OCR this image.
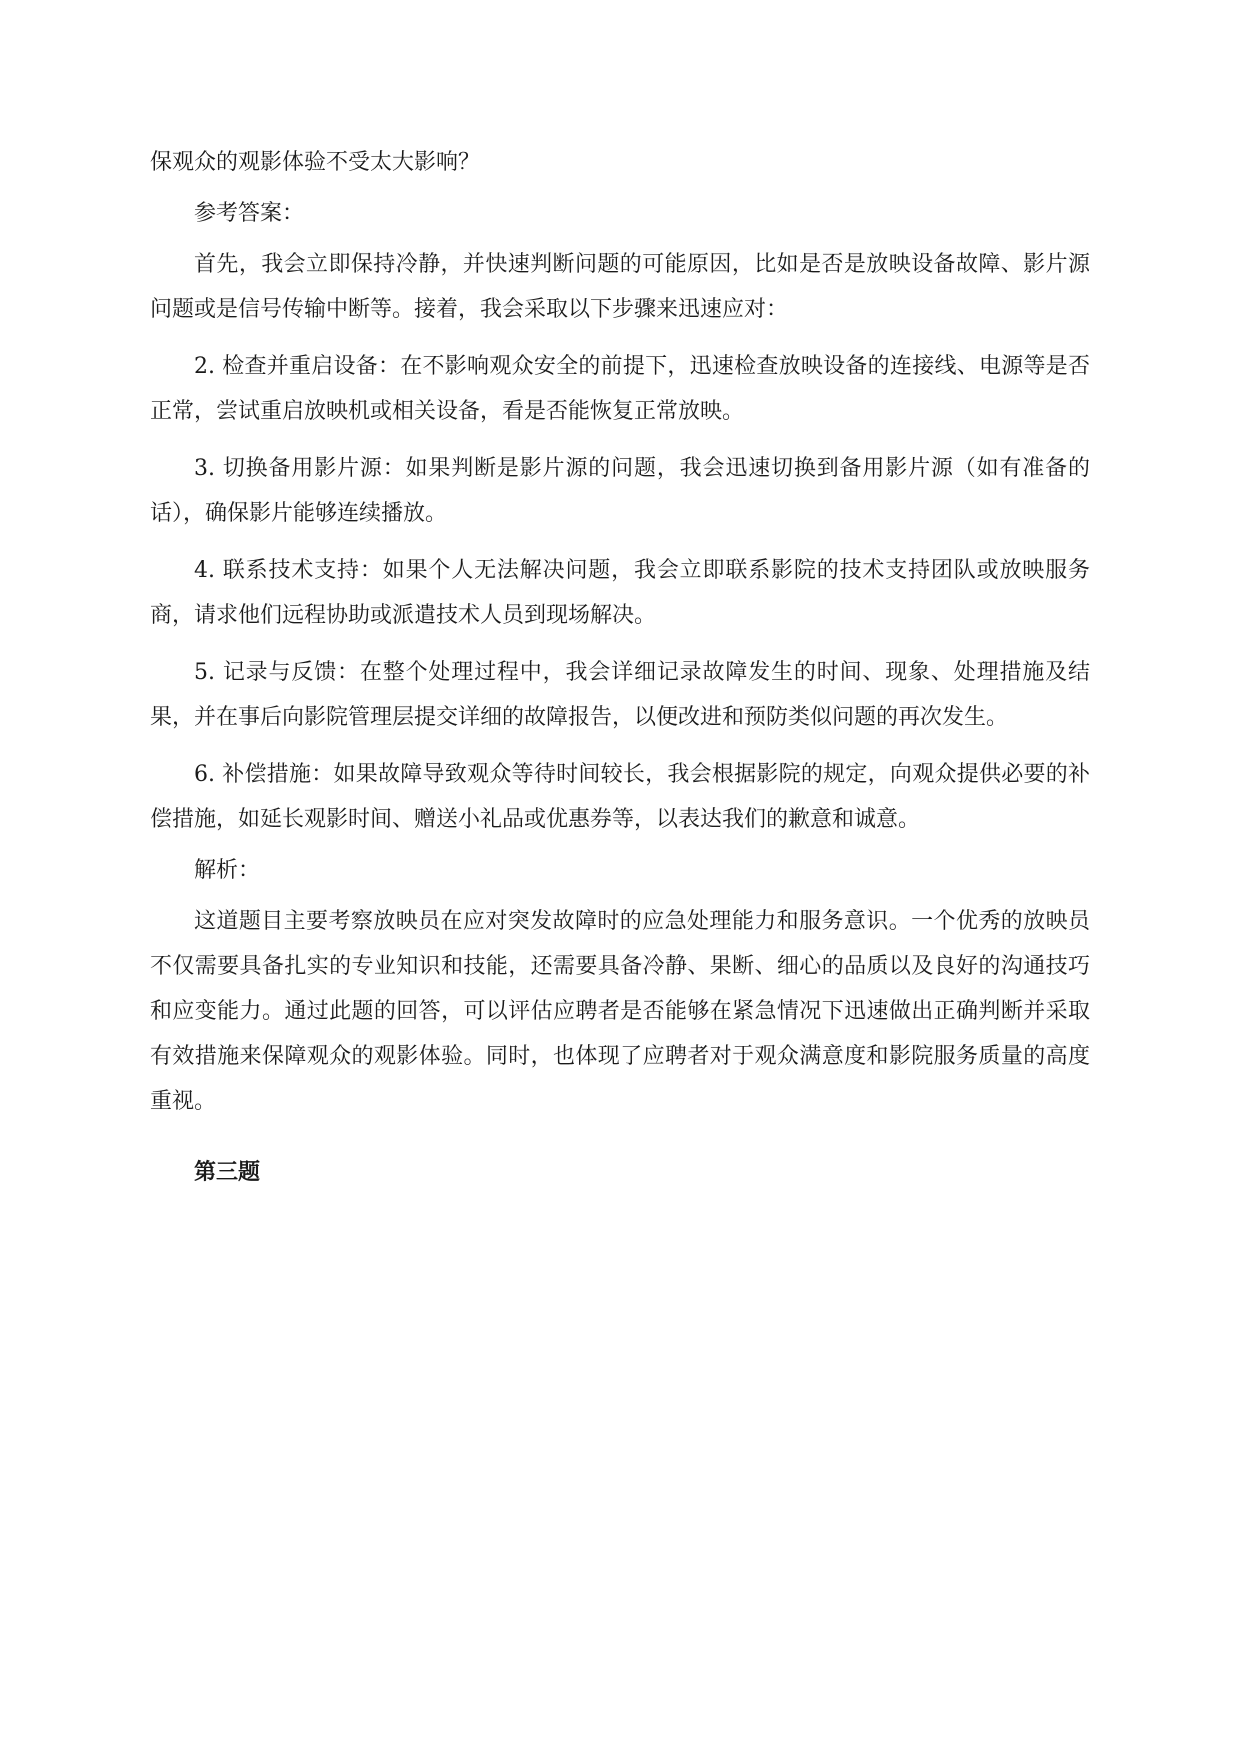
保观众的观影体验不受太大影响？

参考答案：

首先，我会立即保持冷静，并快速判断问题的可能原因，比如是否是放映设备故障、影片源问题或是信号传输中断等。接着，我会采取以下步骤来迅速应对：

2. 检查并重启设备：在不影响观众安全的前提下，迅速检查放映设备的连接线、电源等是否正常，尝试重启放映机或相关设备，看是否能恢复正常放映。

3. 切换备用影片源：如果判断是影片源的问题，我会迅速切换到备用影片源（如有准备的话），确保影片能够连续播放。

4. 联系技术支持：如果个人无法解决问题，我会立即联系影院的技术支持团队或放映服务商，请求他们远程协助或派遣技术人员到现场解决。

5. 记录与反馈：在整个处理过程中，我会详细记录故障发生的时间、现象、处理措施及结果，并在事后向影院管理层提交详细的故障报告，以便改进和预防类似问题的再次发生。

6. 补偿措施：如果故障导致观众等待时间较长，我会根据影院的规定，向观众提供必要的补偿措施，如延长观影时间、赠送小礼品或优惠券等，以表达我们的歉意和诚意。

解析：

这道题目主要考察放映员在应对突发故障时的应急处理能力和服务意识。一个优秀的放映员不仅需要具备扎实的专业知识和技能，还需要具备冷静、果断、细心的品质以及良好的沟通技巧和应变能力。通过此题的回答，可以评估应聘者是否能够在紧急情况下迅速做出正确判断并采取有效措施来保障观众的观影体验。同时，也体现了应聘者对于观众满意度和影院服务质量的高度重视。

第三题
